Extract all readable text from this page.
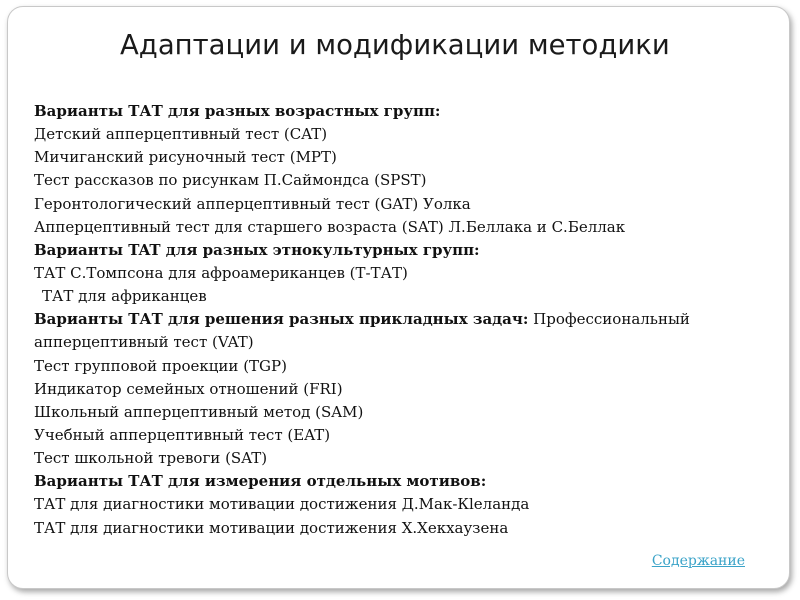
Адаптации и модификации методики
Варианты ТАТ для разных возрастных групп:
Детский апперцептивный тест (CAT)
Мичиганский рисуночный тест (МРТ)
Тест рассказов по рисункам П.Саймондса (SPST)
Геронтологический апперцептивный тест (GAT) Уолка
Апперцептивный тест для старшего возраста (SAT) Л.Беллака и С.Беллак
Варианты TAT для разных этнокультурных групп:
ТАТ С.Томпсона для афроамериканцев (Т-ТАТ)
ТАТ для африканцев
Варианты ТАТ для решения разных прикладных задач: Профессиональный
апперцептивный тест (VAT)
Тест групповой проекции (TGP)
Индикатор семейных отношений (FRI)
Школьный апперцептивный метод (SAM)
Учебный апперцептивный тест (EAT)
Тест школьной тревоги (SAT)
Варианты ТАТ для измерения отдельных мотивов:
ТАТ для диагностики мотивации достижения Д.Мак-Кleланда
ТАТ для диагностики мотивации достижения Х.Хекхаузена
Содержание
